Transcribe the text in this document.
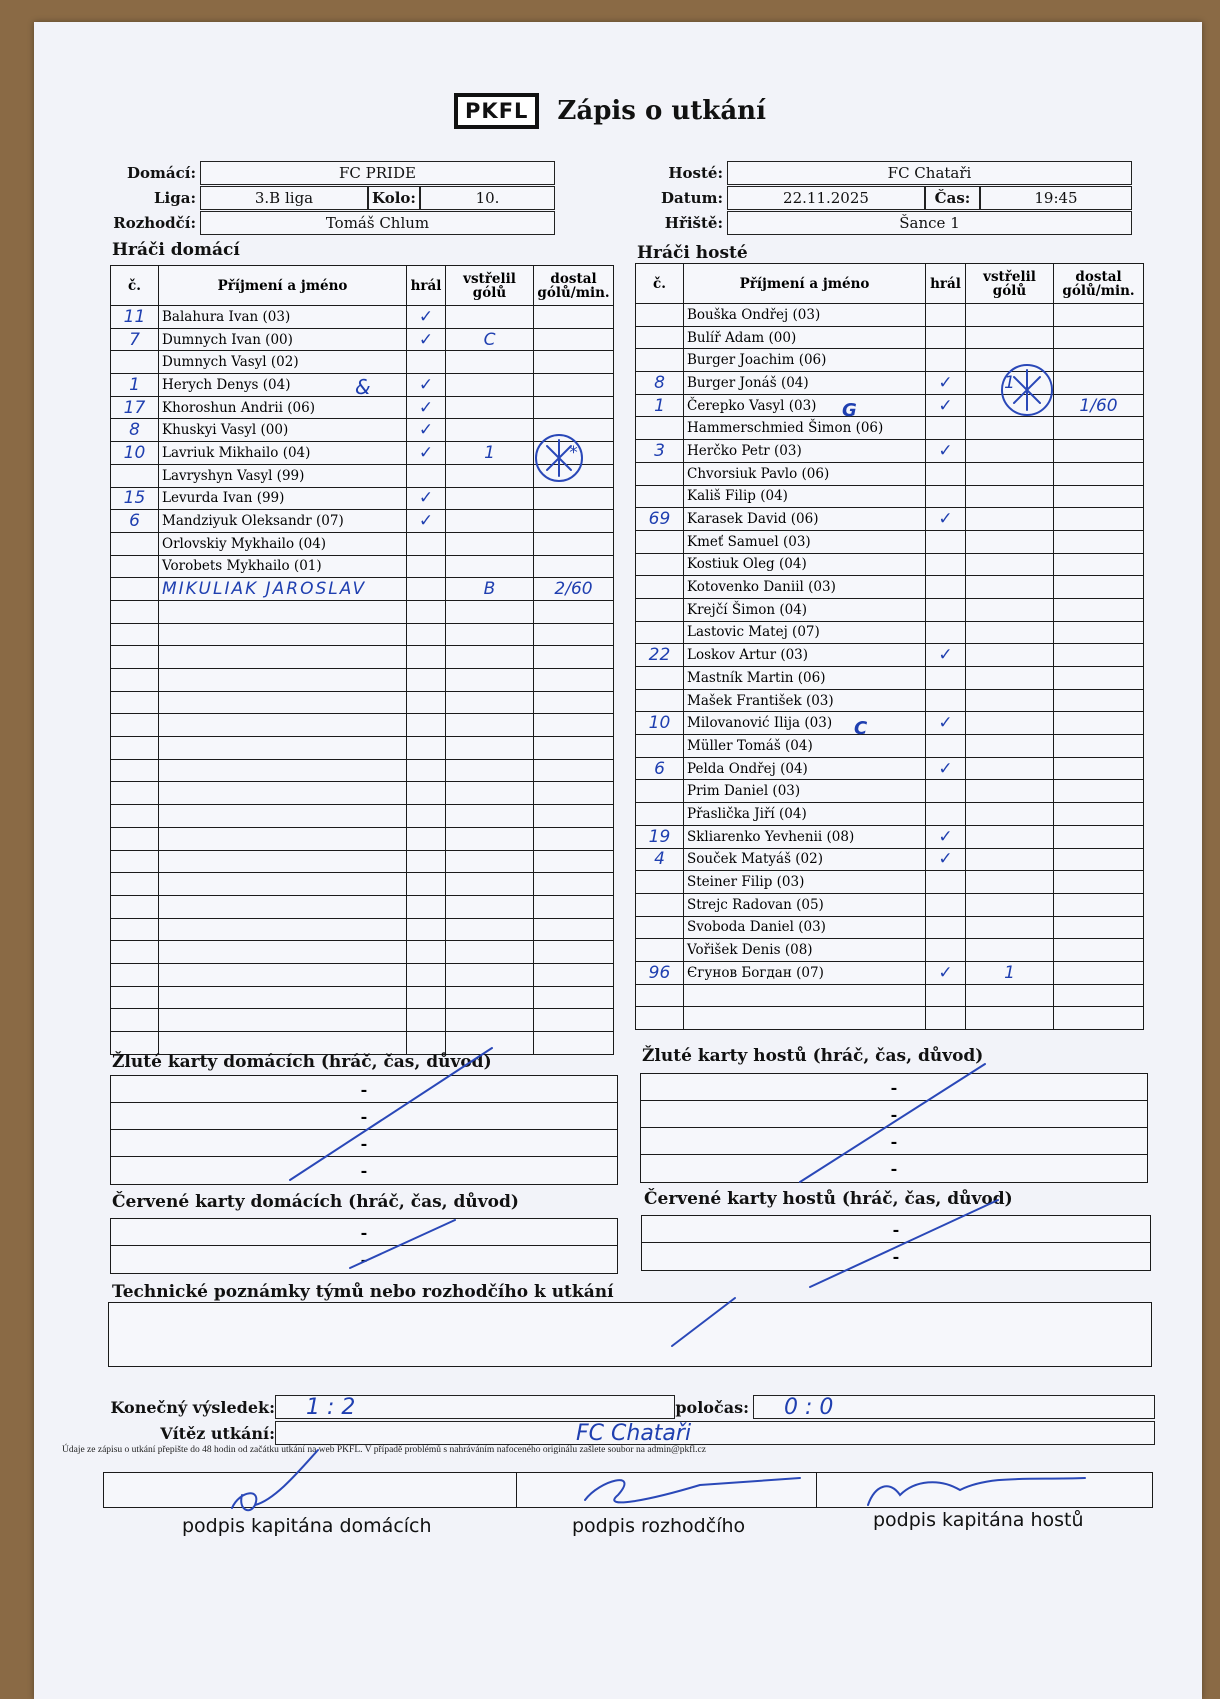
PKFL	Zápis o utkání
Domácí:	FC PRIDE
Liga:	3.B liga	Kolo:	10.
Rozhodčí:	Tomáš Chlum
Hosté:	FC Chataři
Datum:	22.11.2025	Čas:	19:45
Hřiště:	Šance 1
Hráči domácí	Hráči hosté
č.	Příjmení a jméno	hrál	vstřelil gólů	dostal gólů/min.
11	Balahura Ivan (03)	✓		
7	Dumnych Ivan (00)	✓	C	
	Dumnych Vasyl (02)			
1	Herych Denys (04)	✓		
17	Khoroshun Andrii (06)	✓		
8	Khuskyi Vasyl (00)	✓		
10	Lavriuk Mikhailo (04)	✓	1	*
	Lavryshyn Vasyl (99)			
15	Levurda Ivan (99)	✓		
6	Mandziyuk Oleksandr (07)	✓		
	Orlovskiy Mykhailo (04)			
	Vorobets Mykhailo (01)			
	MIKULIAK JAROSLAV		B	2/60

č.	Příjmení a jméno	hrál	vstřelil gólů	dostal gólů/min.
	Bouška Ondřej (03)			
	Bulíř Adam (00)			
	Burger Joachim (06)			
8	Burger Jonáš (04)	✓	1	
1	Čerepko Vasyl (03)	✓		1/60
	Hammerschmied Šimon (06)			
3	Herčko Petr (03)	✓		
	Chvorsiuk Pavlo (06)			
	Kališ Filip (04)			
69	Karasek David (06)	✓		
	Kmeť Samuel (03)			
	Kostiuk Oleg (04)			
	Kotovenko Daniil (03)			
	Krejčí Šimon (04)			
	Lastovic Matej (07)			
22	Loskov Artur (03)	✓		
	Mastník Martin (06)			
	Mašek František (03)			
10	Milovanović Ilija (03)	✓		
	Müller Tomáš (04)			
6	Pelda Ondřej (04)	✓		
	Prim Daniel (03)			
	Přaslička Jiří (04)			
19	Skliarenko Yevhenii (08)	✓		
4	Souček Matyáš (02)	✓		
	Steiner Filip (03)			
	Strejc Radovan (05)			
	Svoboda Daniel (03)			
	Vořišek Denis (08)			
96	Єгунов Богдан (07)	✓	1	

&
G
C
Žluté karty domácích (hráč, čas, důvod)	Žluté karty hostů (hráč, čas, důvod)
-
-
-
-
-
-
-
-
Červené karty domácích (hráč, čas, důvod)	Červené karty hostů (hráč, čas, důvod)
-
-
-
-
Technické poznámky týmů nebo rozhodčího k utkání
Konečný výsledek:	1 : 2	poločas:	0 : 0
Vítěz utkání:	FC Chataři
podpis kapitána domácích	podpis rozhodčího	podpis kapitána hostů
Údaje ze zápisu o utkání přepište do 48 hodin od začátku utkání na web PKFL. V případě problémů s nahráváním nafoceného originálu zašlete soubor na admin@pkfl.cz
